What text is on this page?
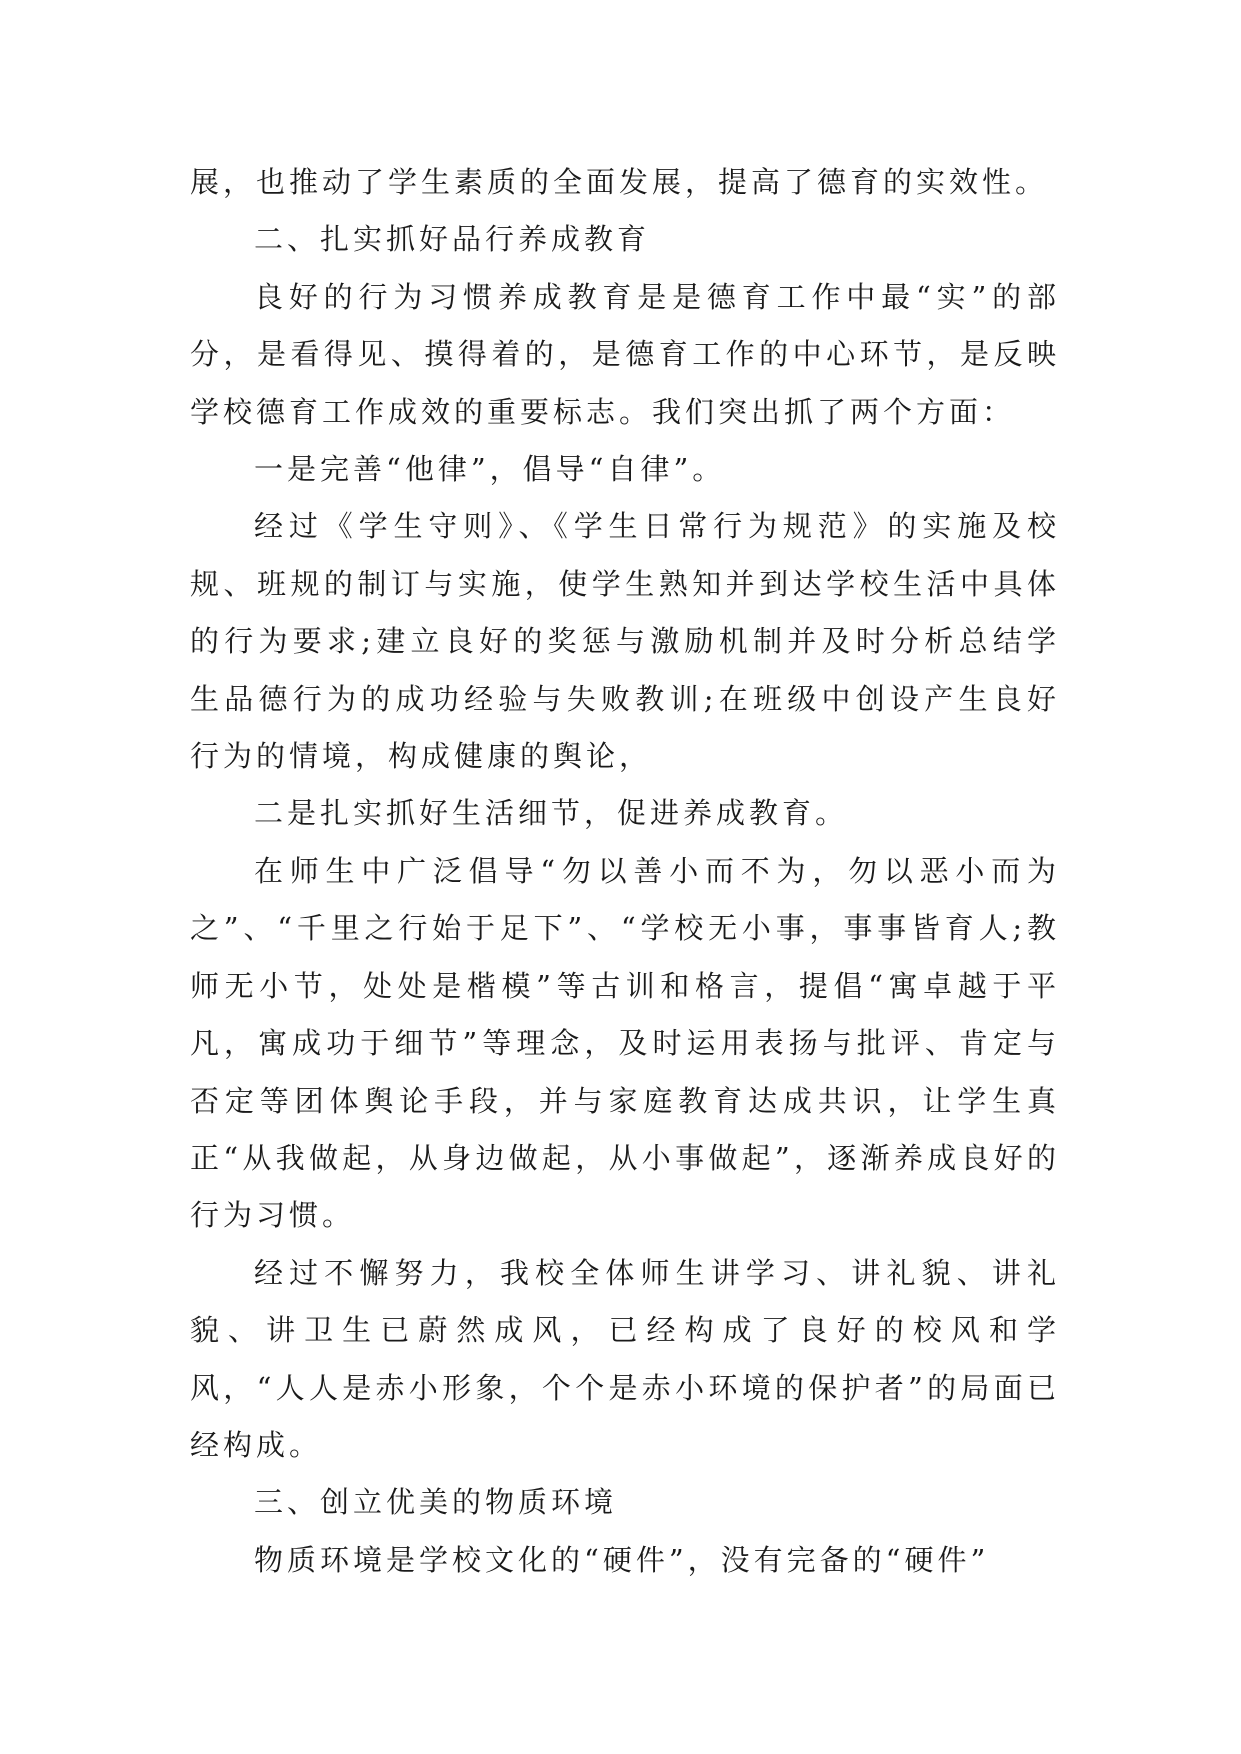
展，也推动了学生素质的全面发展，提高了德育的实效性。

二、扎实抓好品行养成教育

良好的行为习惯养成教育是是德育工作中最“实”的部分，是看得见、摸得着的，是德育工作的中心环节，是反映学校德育工作成效的重要标志。我们突出抓了两个方面：

一是完善“他律”，倡导“自律”。

经过《学生守则》、《学生日常行为规范》的实施及校规、班规的制订与实施，使学生熟知并到达学校生活中具体的行为要求;建立良好的奖惩与激励机制并及时分析总结学生品德行为的成功经验与失败教训;在班级中创设产生良好行为的情境，构成健康的舆论，

二是扎实抓好生活细节，促进养成教育。

在师生中广泛倡导“勿以善小而不为，勿以恶小而为之”、“千里之行始于足下”、“学校无小事，事事皆育人;教师无小节，处处是楷模”等古训和格言，提倡“寓卓越于平凡，寓成功于细节”等理念，及时运用表扬与批评、肯定与否定等团体舆论手段，并与家庭教育达成共识，让学生真正“从我做起，从身边做起，从小事做起”，逐渐养成良好的行为习惯。

经过不懈努力，我校全体师生讲学习、讲礼貌、讲礼貌、讲卫生已蔚然成风，已经构成了良好的校风和学风，“人人是赤小形象，个个是赤小环境的保护者”的局面已经构成。

三、创立优美的物质环境

物质环境是学校文化的“硬件”，没有完备的“硬件”
